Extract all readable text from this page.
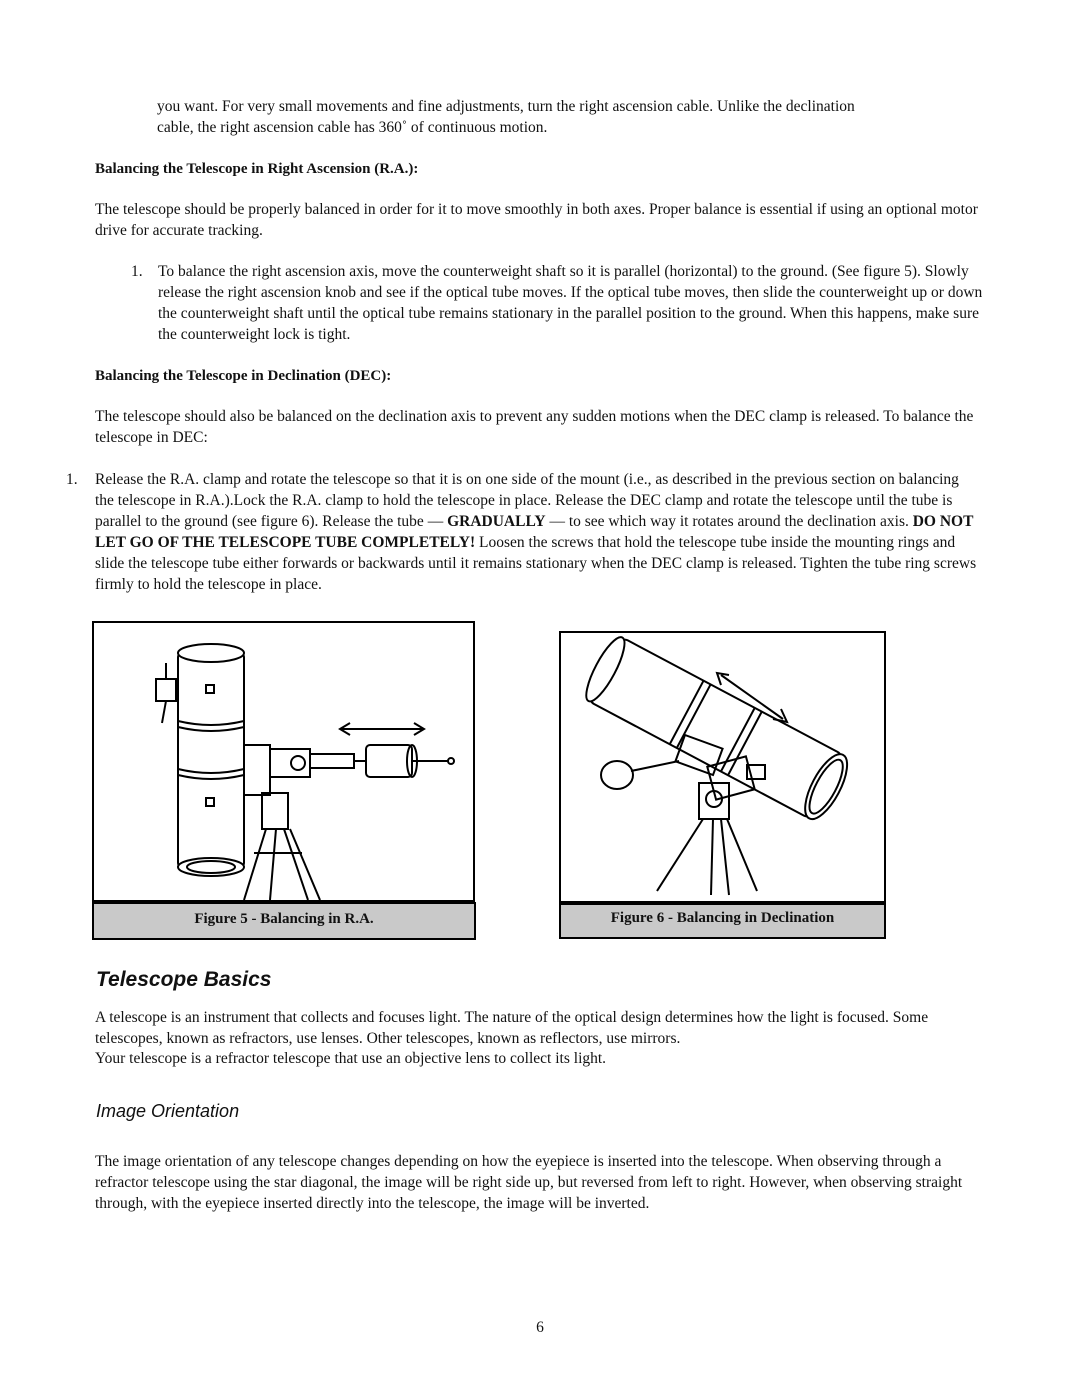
you want. For very small movements and fine adjustments, turn the right ascension cable. Unlike the declination

cable, the right ascension cable has 360˚ of continuous motion.

Balancing the Telescope in Right Ascension (R.A.):

The telescope should be properly balanced in order for it to move smoothly in both axes. Proper balance is essential if using an optional motor drive for accurate tracking.

1. To balance the right ascension axis, move the counterweight shaft so it is parallel (horizontal) to the ground. (See figure 5). Slowly release the right ascension knob and see if the optical tube moves. If the optical tube moves, then slide the counterweight up or down the counterweight shaft until the optical tube remains stationary in the parallel position to the ground. When this happens, make sure the counterweight lock is tight.

Balancing the Telescope in Declination (DEC):

The telescope should also be balanced on the declination axis to prevent any sudden motions when the DEC clamp is released. To balance the telescope in DEC:

1.	Release the R.A. clamp and rotate the telescope so that it is on one side of the mount (i.e., as described in the previous section on balancing the telescope in R.A.).Lock the R.A. clamp to hold the telescope in place. Release the DEC clamp and rotate the telescope until the tube is parallel to the ground (see figure 6). Release the tube — GRADUALLY — to see which way it rotates around the declination axis. DO NOT LET GO OF THE TELESCOPE TUBE COMPLETELY! Loosen the screws that hold the telescope tube inside the mounting rings and slide the telescope tube either forwards or backwards until it remains stationary when the DEC clamp is released. Tighten the tube ring screws firmly to hold the telescope in place.

Figure 5 - Balancing in R.A.	Figure 6 - Balancing in Declination

Telescope Basics

A telescope is an instrument that collects and focuses light. The nature of the optical design determines how the light is focused. Some telescopes, known as refractors, use lenses. Other telescopes, known as reflectors, use mirrors.

Your telescope is a refractor telescope that use an objective lens to collect its light.

Image Orientation

The image orientation of any telescope changes depending on how the eyepiece is inserted into the telescope. When observing through a refractor telescope using the star diagonal, the image will be right side up, but reversed from left to right. However, when observing straight through, with the eyepiece inserted directly into the telescope, the image will be inverted.

6
